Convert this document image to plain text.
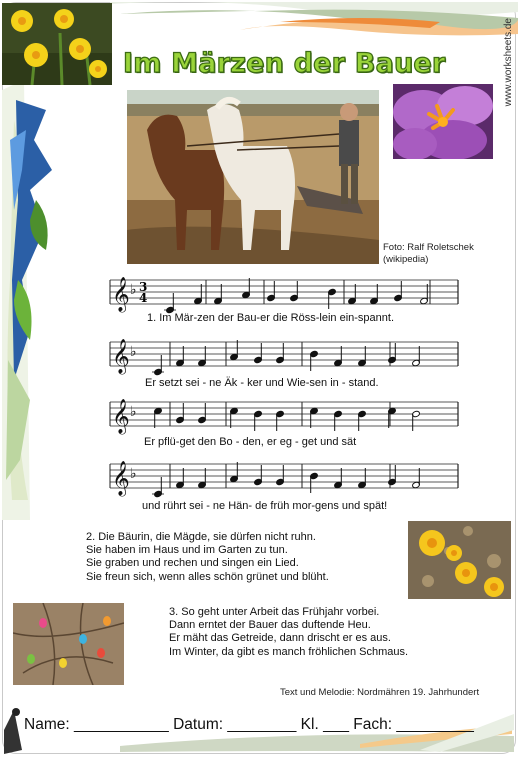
Im Märzen der Bauer	www.worksheets.de
Foto: Ralf Roletschek
(wikipedia)
3
4
𝄞 ♭
𝄞 ♭
𝄞 ♭
𝄞 ♭
1. Im Mär-zen der Bau-er die Röss-lein ein-spannt.
Er setzt sei - ne Äk - ker und Wie-sen in - stand.
Er pflü-get den Bo - den, er eg - get und sät
und rührt sei - ne Hän- de früh mor-gens und spät!
2. Die Bäurin, die Mägde, sie dürfen nicht ruhn.
Sie haben im Haus und im Garten zu tun.
Sie graben und rechen und singen ein Lied.
Sie freun sich, wenn alles schön grünet und blüht.
3. So geht unter Arbeit das Frühjahr vorbei.
Dann erntet der Bauer das duftende Heu.
Er mäht das Getreide, dann drischt er es aus.
Im Winter, da gibt es manch fröhlichen Schmaus.
Text und Melodie: Nordmähren 19. Jahrhundert
Name: ___________ Datum: ________ Kl. ___ Fach: _________
